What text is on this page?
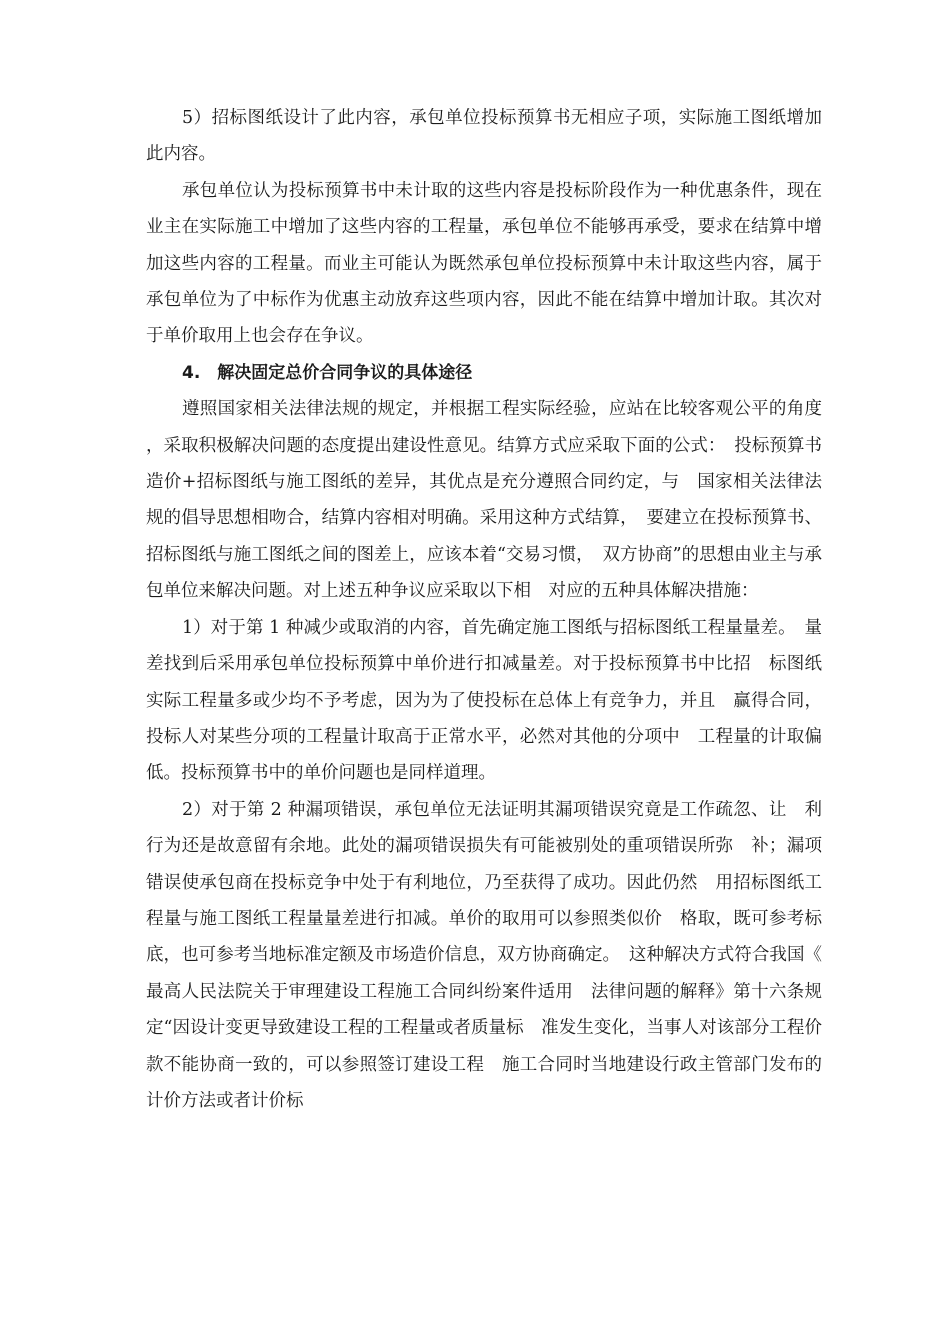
5）招标图纸设计了此内容，承包单位投标预算书无相应子项，实际施工图纸增加此内容。

承包单位认为投标预算书中未计取的这些内容是投标阶段作为一种优惠条件，现在业主在实际施工中增加了这些内容的工程量，承包单位不能够再承受，要求在结算中增加这些内容的工程量。而业主可能认为既然承包单位投标预算中未计取这些内容，属于承包单位为了中标作为优惠主动放弃这些项内容，因此不能在结算中增加计取。其次对于单价取用上也会存在争议。

4.　解决固定总价合同争议的具体途径

遵照国家相关法律法规的规定，并根据工程实际经验，应站在比较客观公平的角度，采取积极解决问题的态度提出建设性意见。结算方式应采取下面的公式：　投标预算书造价+招标图纸与施工图纸的差异，其优点是充分遵照合同约定，与　国家相关法律法规的倡导思想相吻合，结算内容相对明确。采用这种方式结算，　要建立在投标预算书、招标图纸与施工图纸之间的图差上，应该本着“交易习惯，　双方协商”的思想由业主与承包单位来解决问题。对上述五种争议应采取以下相　对应的五种具体解决措施：

1）对于第 1 种减少或取消的内容，首先确定施工图纸与招标图纸工程量量差。　量差找到后采用承包单位投标预算中单价进行扣减量差。对于投标预算书中比招　标图纸实际工程量多或少均不予考虑，因为为了使投标在总体上有竞争力，并且　赢得合同，投标人对某些分项的工程量计取高于正常水平，必然对其他的分项中　工程量的计取偏低。投标预算书中的单价问题也是同样道理。

2）对于第 2 种漏项错误，承包单位无法证明其漏项错误究竟是工作疏忽、让　利行为还是故意留有余地。此处的漏项错误损失有可能被别处的重项错误所弥　补；漏项错误使承包商在投标竞争中处于有利地位，乃至获得了成功。因此仍然　用招标图纸工程量与施工图纸工程量量差进行扣减。单价的取用可以参照类似价　格取，既可参考标底，也可参考当地标准定额及市场造价信息，双方协商确定。　这种解决方式符合我国《最高人民法院关于审理建设工程施工合同纠纷案件适用　法律问题的解释》第十六条规定“因设计变更导致建设工程的工程量或者质量标　准发生变化，当事人对该部分工程价款不能协商一致的，可以参照签订建设工程　施工合同时当地建设行政主管部门发布的计价方法或者计价标
